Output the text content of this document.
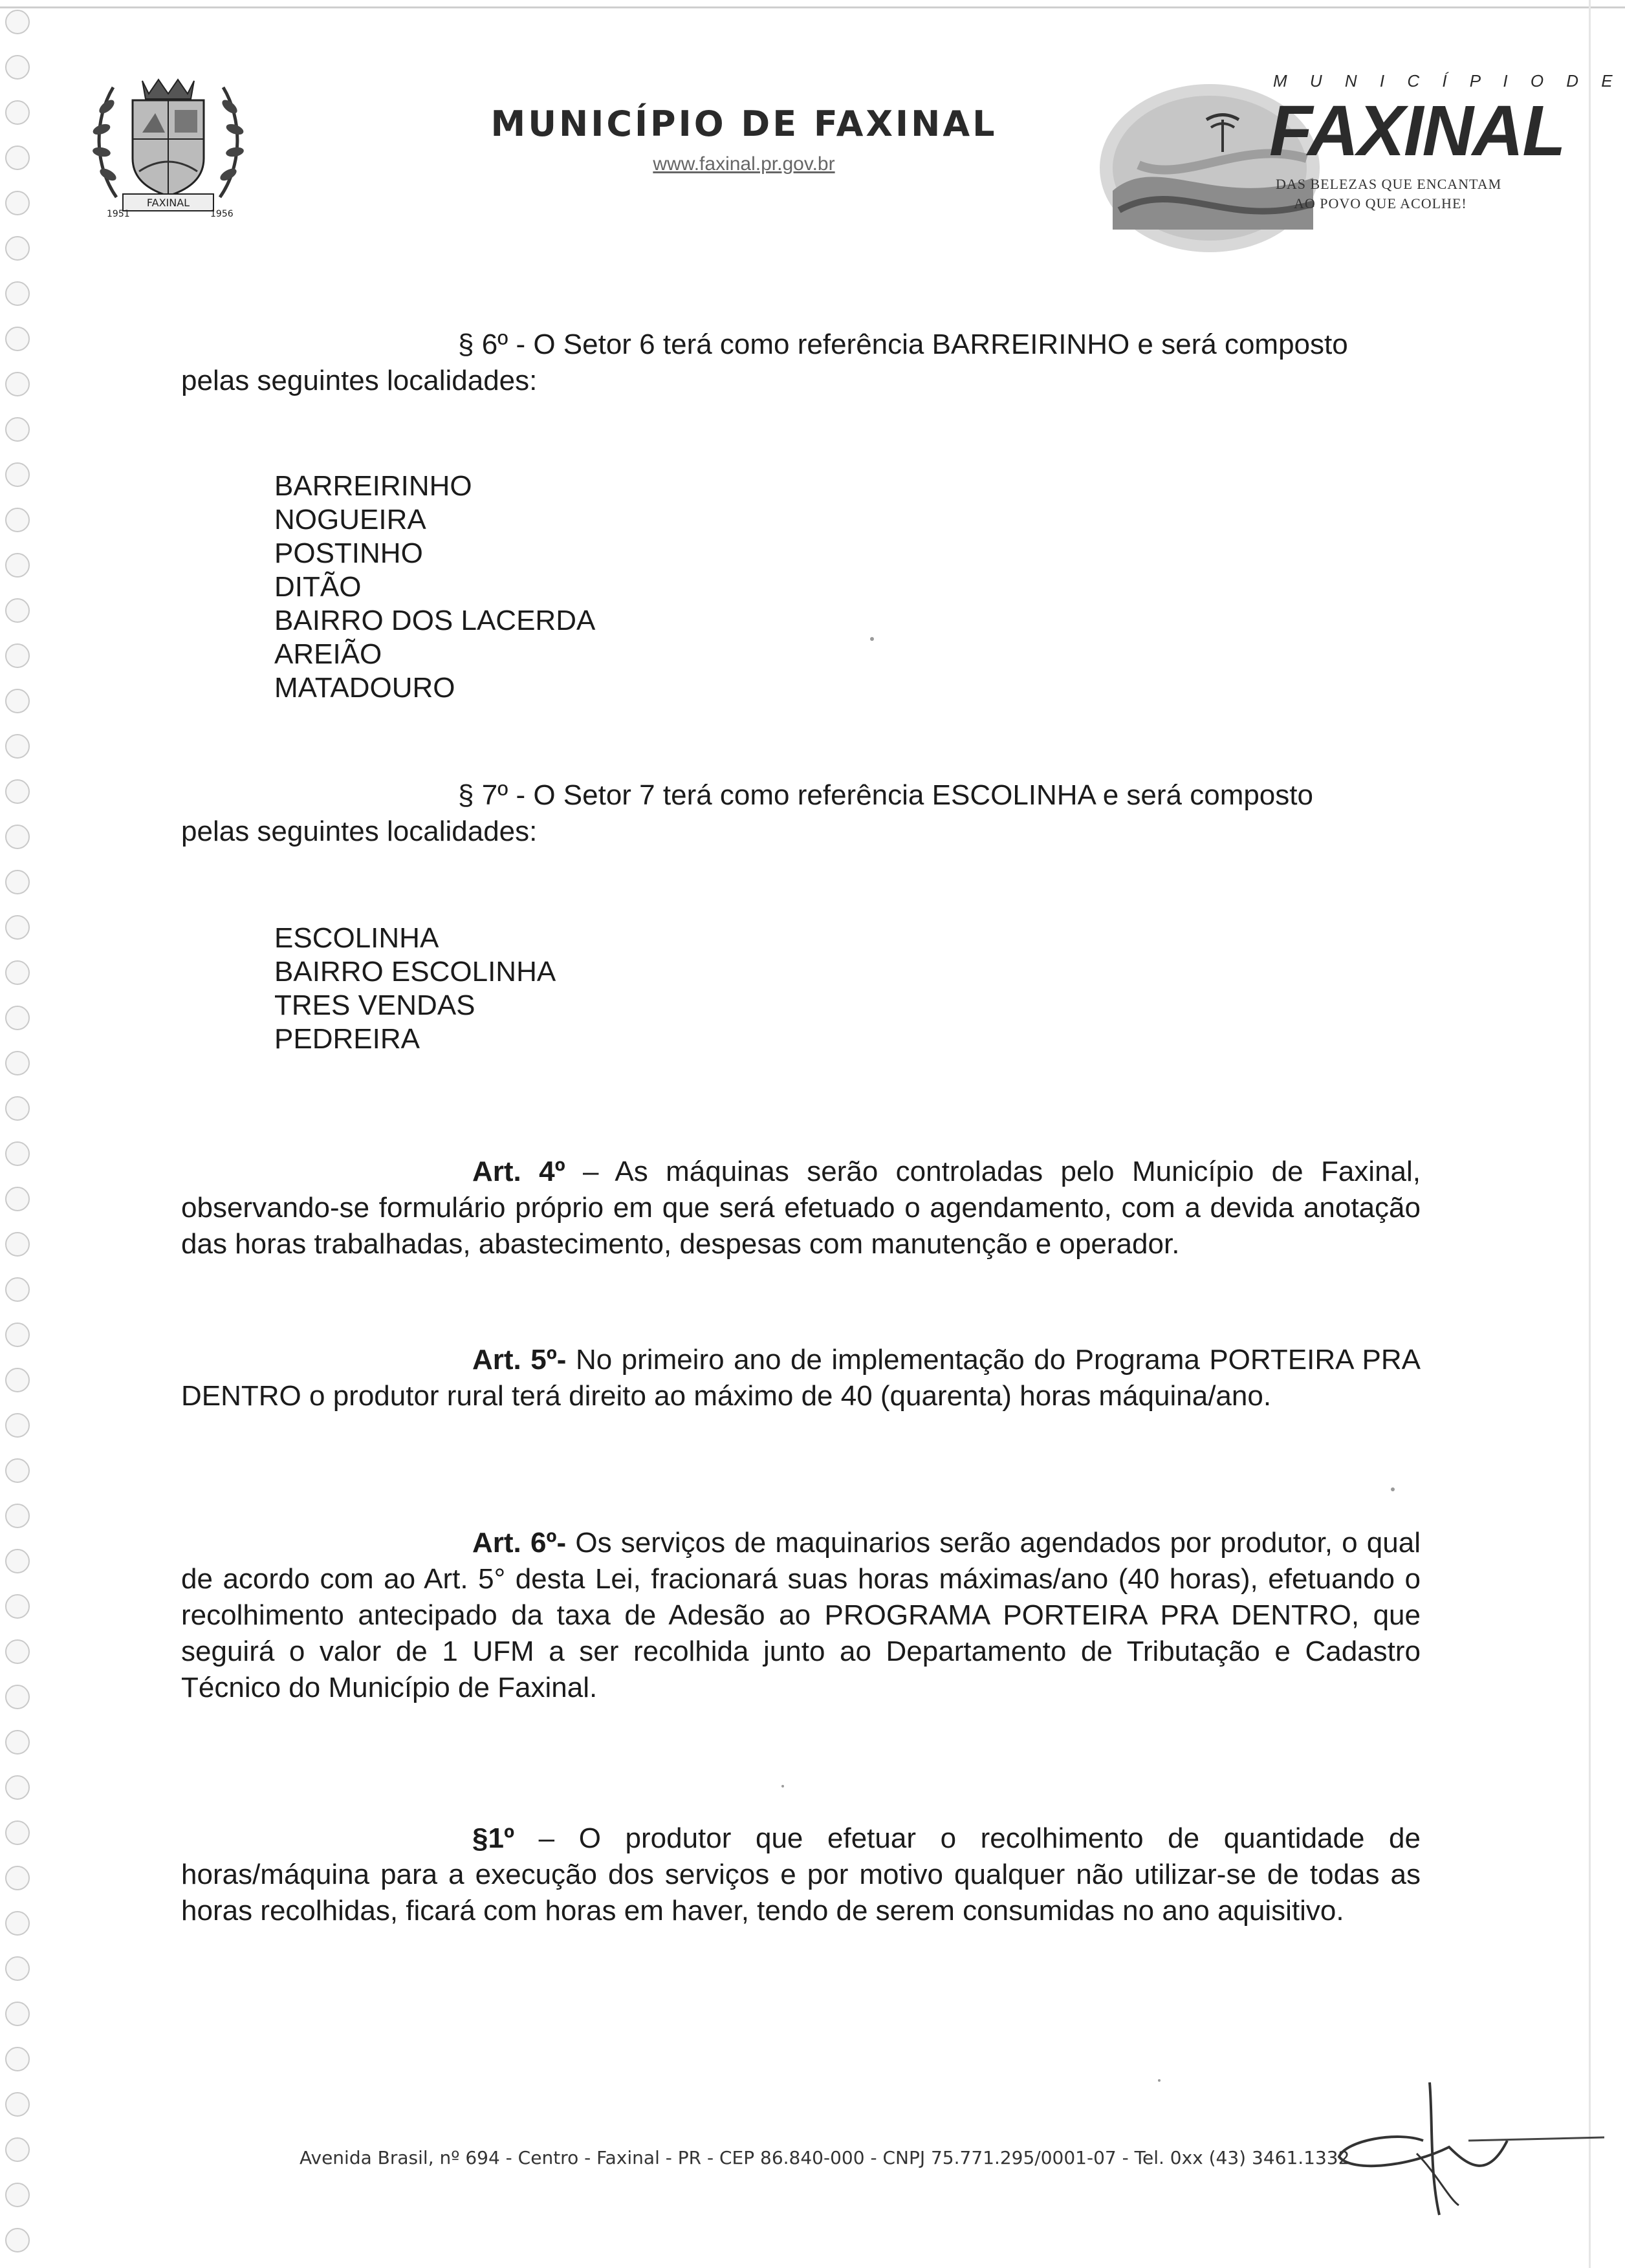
FAXINAL
1951	1956
MUNICÍPIO DE FAXINAL
www.faxinal.pr.gov.br
M U N I C Í P I O D E
FAXINAL
DAS BELEZAS QUE ENCANTAM
AO POVO QUE ACOLHE!
§ 6º - O Setor 6 terá como referência BARREIRINHO e será composto
pelas seguintes localidades:
BARREIRINHO
NOGUEIRA
POSTINHO
DITÃO
BAIRRO DOS LACERDA
AREIÃO
MATADOURO
§ 7º - O Setor 7 terá como referência ESCOLINHA e será composto
pelas seguintes localidades:
ESCOLINHA
BAIRRO ESCOLINHA
TRES VENDAS
PEDREIRA
Art. 4º – As máquinas serão controladas pelo Município de Faxinal, observando-se formulário próprio em que será efetuado o agendamento, com a devida anotação das horas trabalhadas, abastecimento, despesas com manutenção e operador.
Art. 5º- No primeiro ano de implementação do Programa PORTEIRA PRA DENTRO o produtor rural terá direito ao máximo de 40 (quarenta) horas máquina/ano.
Art. 6º- Os serviços de maquinarios serão agendados por produtor, o qual de acordo com ao Art. 5° desta Lei, fracionará suas horas máximas/ano (40 horas), efetuando o recolhimento antecipado da taxa de Adesão ao PROGRAMA PORTEIRA PRA DENTRO, que seguirá o valor de 1 UFM a ser recolhida junto ao Departamento de Tributação e Cadastro Técnico do Município de Faxinal.
§1º – O produtor que efetuar o recolhimento de quantidade de horas/máquina para a execução dos serviços e por motivo qualquer não utilizar-se de todas as horas recolhidas, ficará com horas em haver, tendo de serem consumidas no ano aquisitivo.
Avenida Brasil, nº 694 - Centro - Faxinal - PR - CEP 86.840-000 - CNPJ 75.771.295/0001-07 - Tel. 0xx (43) 3461.1332
